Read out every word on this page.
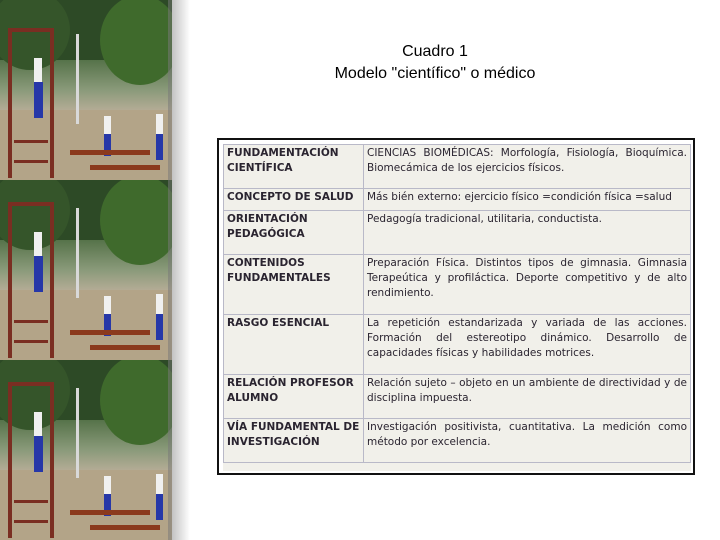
Cuadro 1
Modelo "científico" o médico
FUNDAMENTACIÓN CIENTÍFICA	CIENCIAS BIOMÉDICAS: Morfología, Fisiología, Bioquímica. Biomecámica de los ejercicios físicos.
CONCEPTO DE SALUD	Más bién externo: ejercicio físico =condición física =salud
ORIENTACIÓN PEDAGÓGICA	Pedagogía tradicional, utilitaria, conductista.
CONTENIDOS FUNDAMENTALES	Preparación Física. Distintos tipos de gimnasia. Gimnasia Terapeútica y profiláctica. Deporte competitivo y de alto rendimiento.
RASGO ESENCIAL	La repetición estandarizada y variada de las acciones. Formación del estereotipo dinámico. Desarrollo de capacidades físicas y habilidades motrices.
RELACIÓN PROFESOR ALUMNO	Relación sujeto – objeto en un ambiente de directividad y de disciplina impuesta.
VÍA FUNDAMENTAL DE INVESTIGACIÓN	Investigación positivista, cuantitativa. La medición como método por excelencia.
